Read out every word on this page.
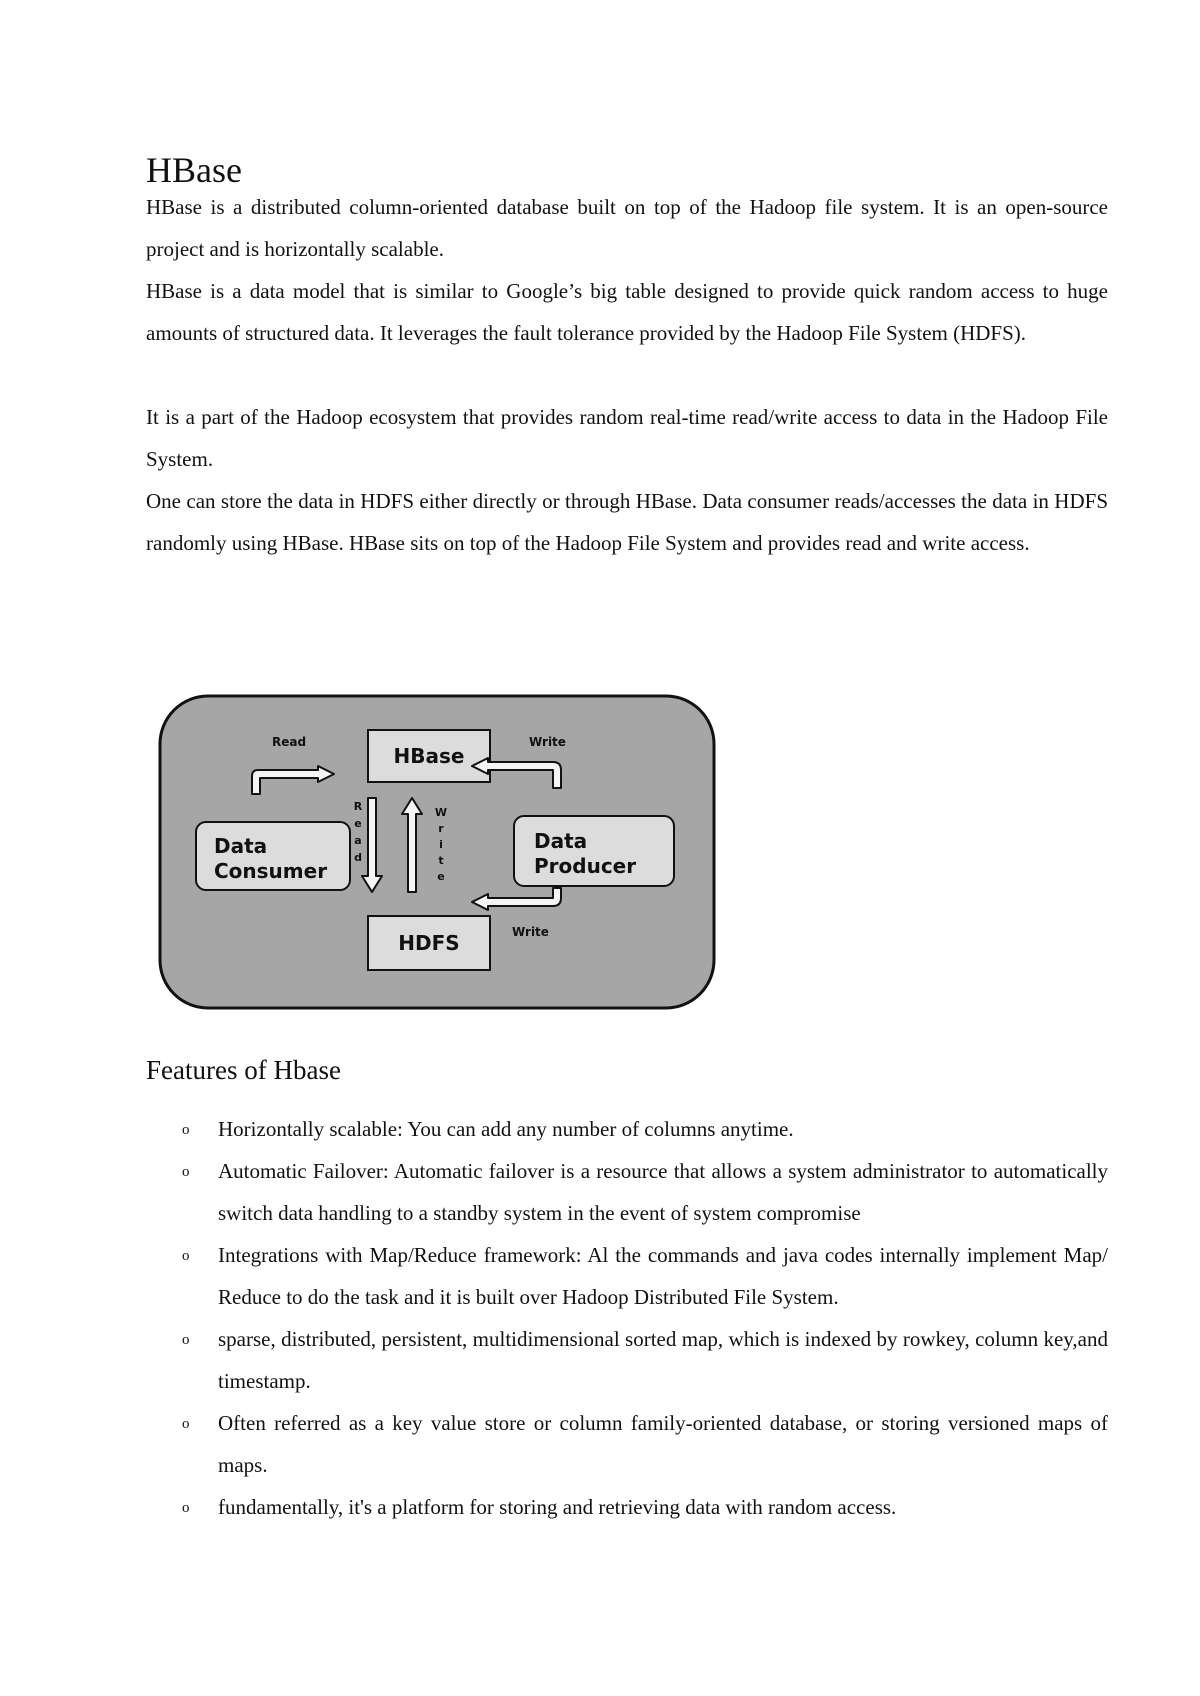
HBase

HBase is a distributed column-oriented database built on top of the Hadoop file system. It is an open-source project and is horizontally scalable.

HBase is a data model that is similar to Google’s big table designed to provide quick random access to huge amounts of structured data. It leverages the fault tolerance provided by the Hadoop File System (HDFS).

It is a part of the Hadoop ecosystem that provides random real-time read/write access to data in the Hadoop File System.

One can store the data in HDFS either directly or through HBase. Data consumer reads/accesses the data in HDFS randomly using HBase. HBase sits on top of the Hadoop File System and provides read and write access.

HBase
HDFS
Data
Consumer
Data
Producer
Read	Write
Write
R
e
a
d
W
r
i
t
e
Features of Hbase
o Horizontally scalable: You can add any number of columns anytime.
o Automatic Failover: Automatic failover is a resource that allows a system administrator to automatically switch data handling to a standby system in the event of system compromise
o Integrations with Map/Reduce framework: Al the commands and java codes internally implement Map/ Reduce to do the task and it is built over Hadoop Distributed File System.
o sparse, distributed, persistent, multidimensional sorted map, which is indexed by rowkey, column key,and timestamp.
o Often referred as a key value store or column family-oriented database, or storing versioned maps of maps.
o fundamentally, it's a platform for storing and retrieving data with random access.
